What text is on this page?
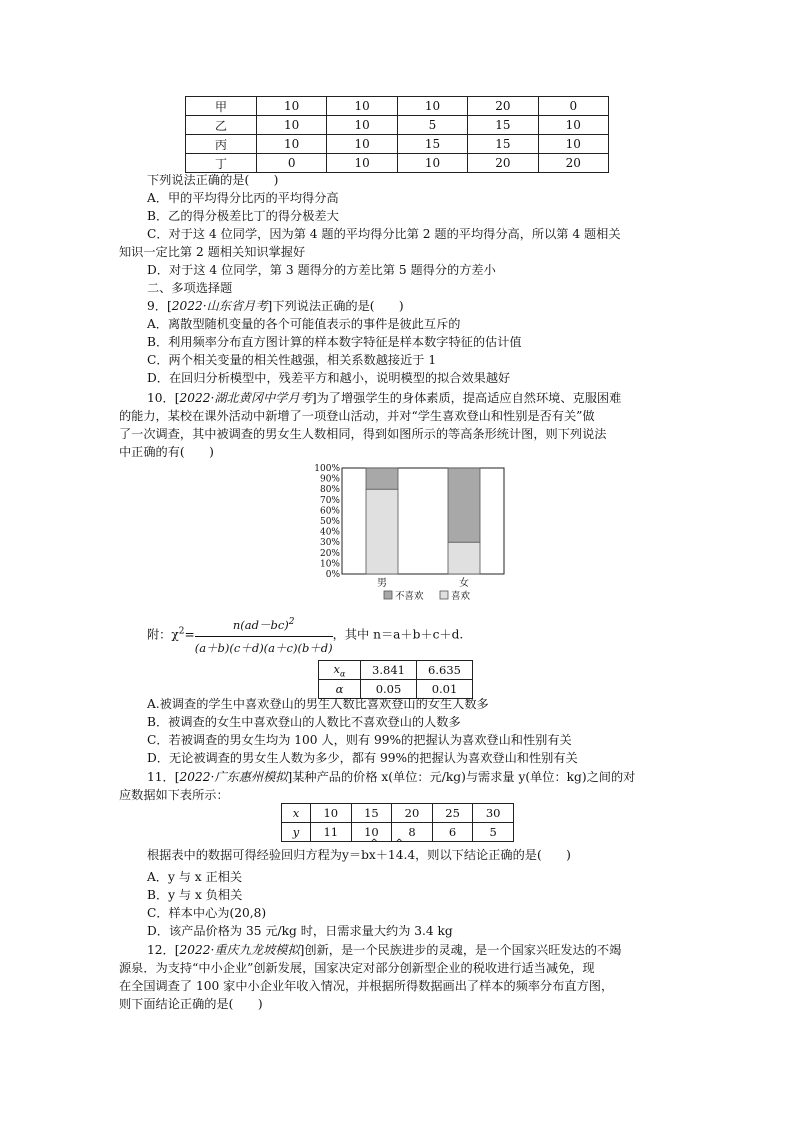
甲	10	10	10	20	0
乙	10	10	5	15	10
丙	10	10	15	15	10
丁	0	10	10	20	20
下列说法正确的是(　　)
A．甲的平均得分比丙的平均得分高
B．乙的得分极差比丁的得分极差大
C．对于这 4 位同学，因为第 4 题的平均得分比第 2 题的平均得分高，所以第 4 题相关
知识一定比第 2 题相关知识掌握好
D．对于这 4 位同学，第 3 题得分的方差比第 5 题得分的方差小
二、多项选择题
9．[2022·山东省月考]下列说法正确的是(　　)
A．离散型随机变量的各个可能值表示的事件是彼此互斥的
B．利用频率分布直方图计算的样本数字特征是样本数字特征的估计值
C．两个相关变量的相关性越强，相关系数越接近于 1
D．在回归分析模型中，残差平方和越小，说明模型的拟合效果越好
10．[2022·湖北黄冈中学月考]为了增强学生的身体素质，提高适应自然环境、克服困难
的能力，某校在课外活动中新增了一项登山活动，并对“学生喜欢登山和性别是否有关”做
了一次调查，其中被调查的男女生人数相同，得到如图所示的等高条形统计图，则下列说法
中正确的有(　　)
0%
10%
20%
30%
40%
50%
60%
70%
80%
90%
100%
男	女
不喜欢	喜欢
附：$\chi^2= \frac{n(ad-bc)^2}{(a+b)(c+d)(a+c)(b+d)}$ ，其中 n＝a＋b＋c＋d.
$x_\alpha$	3.841	6.635
α	0.05	0.01
A.被调查的学生中喜欢登山的男生人数比喜欢登山的女生人数多
B．被调查的女生中喜欢登山的人数比不喜欢登山的人数多
C．若被调查的男女生均为 100 人，则有 99%的把握认为喜欢登山和性别有关
D．无论被调查的男女生人数为多少，都有 99%的把握认为喜欢登山和性别有关
11．[2022·广东惠州模拟]某种产品的价格 x(单位：元/kg)与需求量 y(单位：kg)之间的对
应数据如下表所示：
x	10	15	20	25	30
y	11	10	8	6	5
^ ^
根据表中的数据可得经验回归方程为y＝bx＋14.4，则以下结论正确的是(　　)
A．y 与 x 正相关
B．y 与 x 负相关
C．样本中心为(20,8)
D．该产品价格为 35 元/kg 时，日需求量大约为 3.4 kg
12．[2022·重庆九龙坡模拟]创新，是一个民族进步的灵魂，是一个国家兴旺发达的不竭
源泉．为支持“中小企业”创新发展，国家决定对部分创新型企业的税收进行适当减免，现
在全国调查了 100 家中小企业年收入情况，并根据所得数据画出了样本的频率分布直方图，
则下面结论正确的是(　　)
